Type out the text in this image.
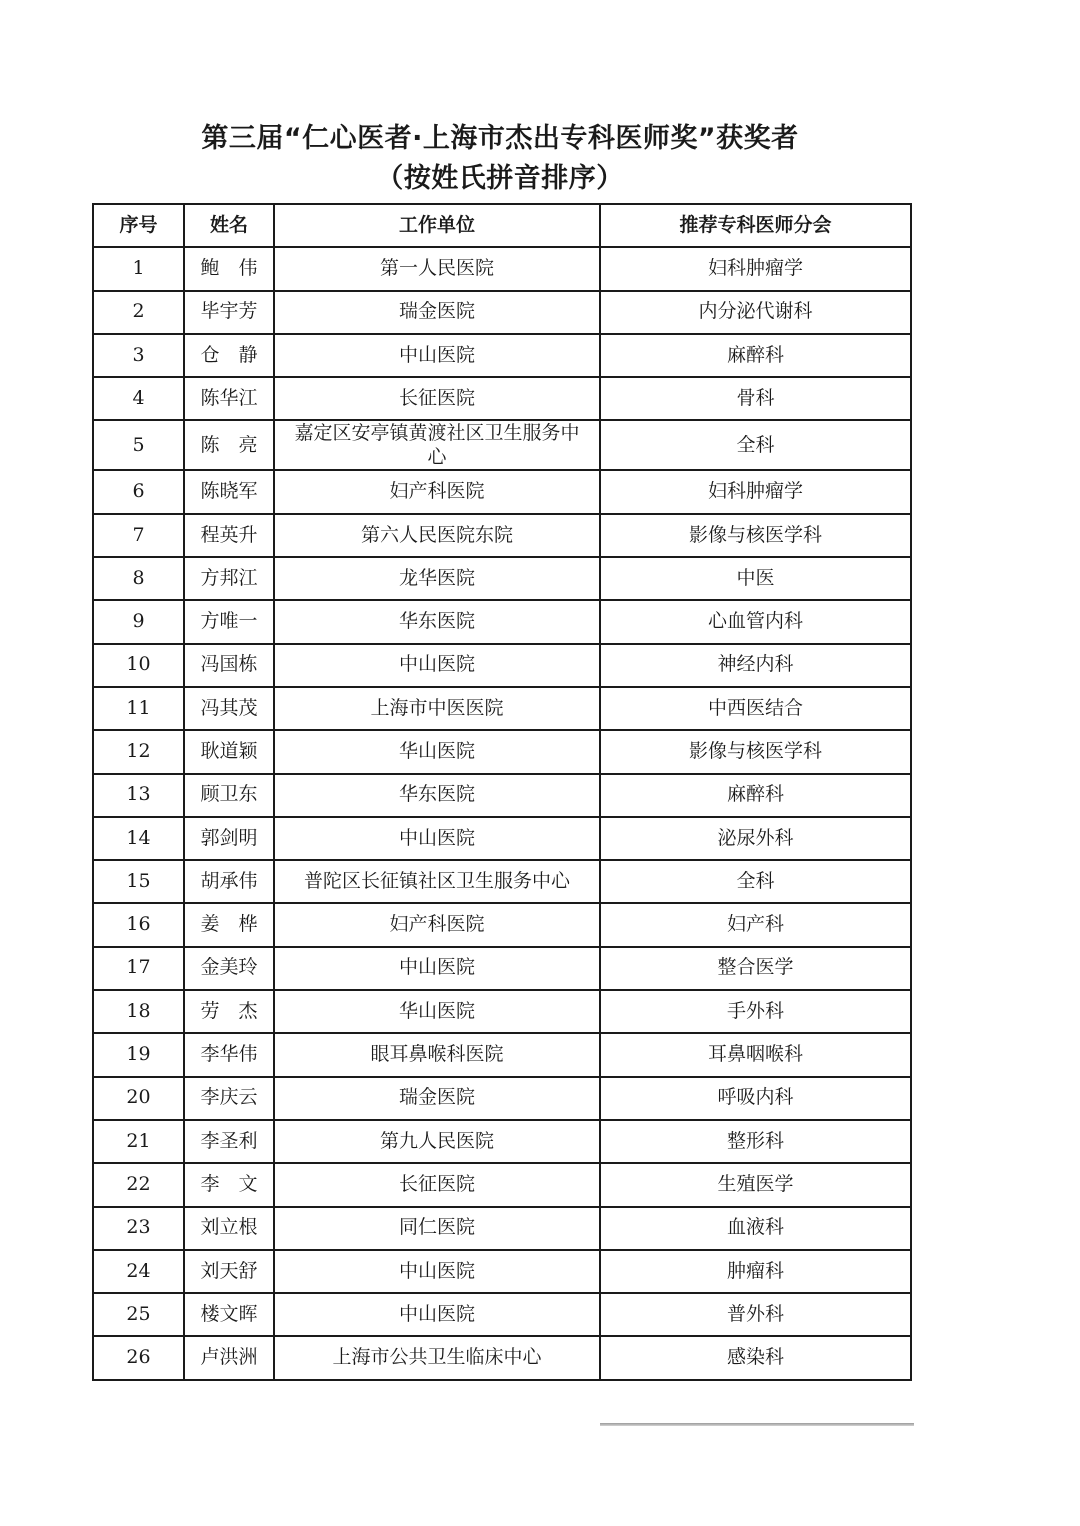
第三届“仁心医者·上海市杰出专科医师奖”获奖者
（按姓氏拼音排序）
序号	姓名	工作单位	推荐专科医师分会
1	鲍　伟	第一人民医院	妇科肿瘤学
2	毕宇芳	瑞金医院	内分泌代谢科
3	仓　静	中山医院	麻醉科
4	陈华江	长征医院	骨科
5	陈　亮	嘉定区安亭镇黄渡社区卫生服务中心	全科
6	陈晓军	妇产科医院	妇科肿瘤学
7	程英升	第六人民医院东院	影像与核医学科
8	方邦江	龙华医院	中医
9	方唯一	华东医院	心血管内科
10	冯国栋	中山医院	神经内科
11	冯其茂	上海市中医医院	中西医结合
12	耿道颖	华山医院	影像与核医学科
13	顾卫东	华东医院	麻醉科
14	郭剑明	中山医院	泌尿外科
15	胡承伟	普陀区长征镇社区卫生服务中心	全科
16	姜　桦	妇产科医院	妇产科
17	金美玲	中山医院	整合医学
18	劳　杰	华山医院	手外科
19	李华伟	眼耳鼻喉科医院	耳鼻咽喉科
20	李庆云	瑞金医院	呼吸内科
21	李圣利	第九人民医院	整形科
22	李　文	长征医院	生殖医学
23	刘立根	同仁医院	血液科
24	刘天舒	中山医院	肿瘤科
25	楼文晖	中山医院	普外科
26	卢洪洲	上海市公共卫生临床中心	感染科
